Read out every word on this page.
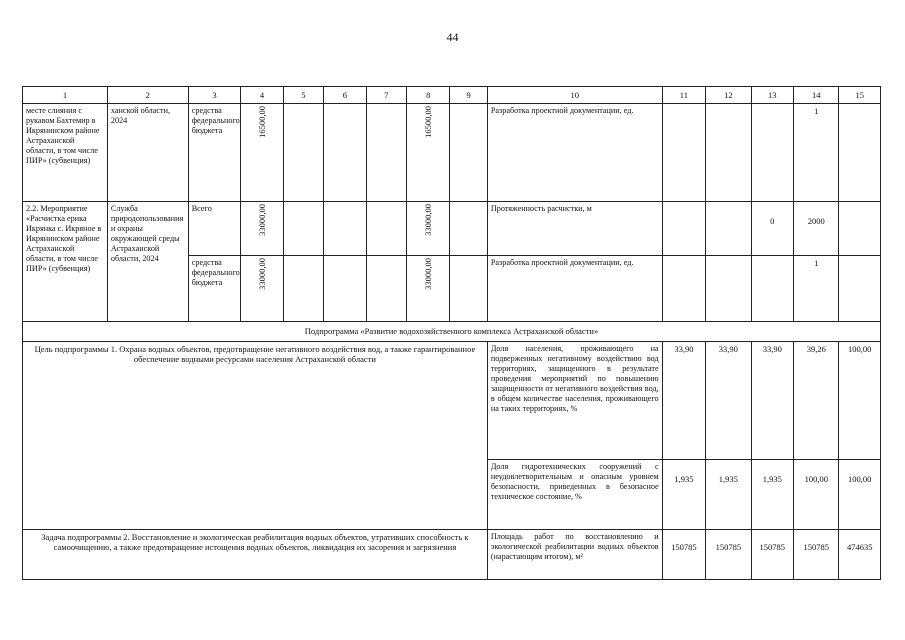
44
1	2	3	4	5	6	7	8	9	10	11	12	13	14	15
месте слияния с рукавом Бахтемир в Икрянинском районе Астраханской области, в том числе ПИР» (субвенция)	ханской области, 2024	средства федерального бюджета	16500,00				16500,00		Разработка проектной документации, ед.				1	
2.2. Мероприятие «Расчистка ерика Икрянка с. Икряное в Икрянинском районе Астраханской области, в том числе ПИР» (субвенция)	Служба природопользования и охраны окружающей среды Астраханской области, 2024	Всего	33000,00				33000,00		Протяженность расчистки, м			0	2000	
		средства федерального бюджета	33000,00				33000,00		Разработка проектной документации, ед.				1	
Подпрограмма «Развитие водохозяйственного комплекса Астраханской области»														
Цель подпрограммы 1. Охрана водных объектов, предотвращение негативного воздействия вод, а также гарантированное обеспечение водными ресурсами населения Астраханской области									Доля населения, проживающего на подверженных негативному воздействию вод территориях, защищенного в результате проведения мероприятий по повышению защищенности от негативного воздействия вод, в общем количестве населения, проживающего на таких территориях, %	33,90	33,90	33,90	39,26	100,00
									Доля гидротехнических сооружений с неудовлетворительным и опасным уровнем безопасности, приведенных в безопасное техническое состояние, %	1,935	1,935	1,935	100,00	100,00
Задача подпрограммы 2. Восстановление и экологическая реабилитация водных объектов, утративших способность к самоочищению, а также предотвращение истощения водных объектов, ликвидация их засорения и загрязнения									Площадь работ по восстановлению и экологической реабилитации водных объектов (нарастающим итогом), м²	150785	150785	150785	150785	474635
